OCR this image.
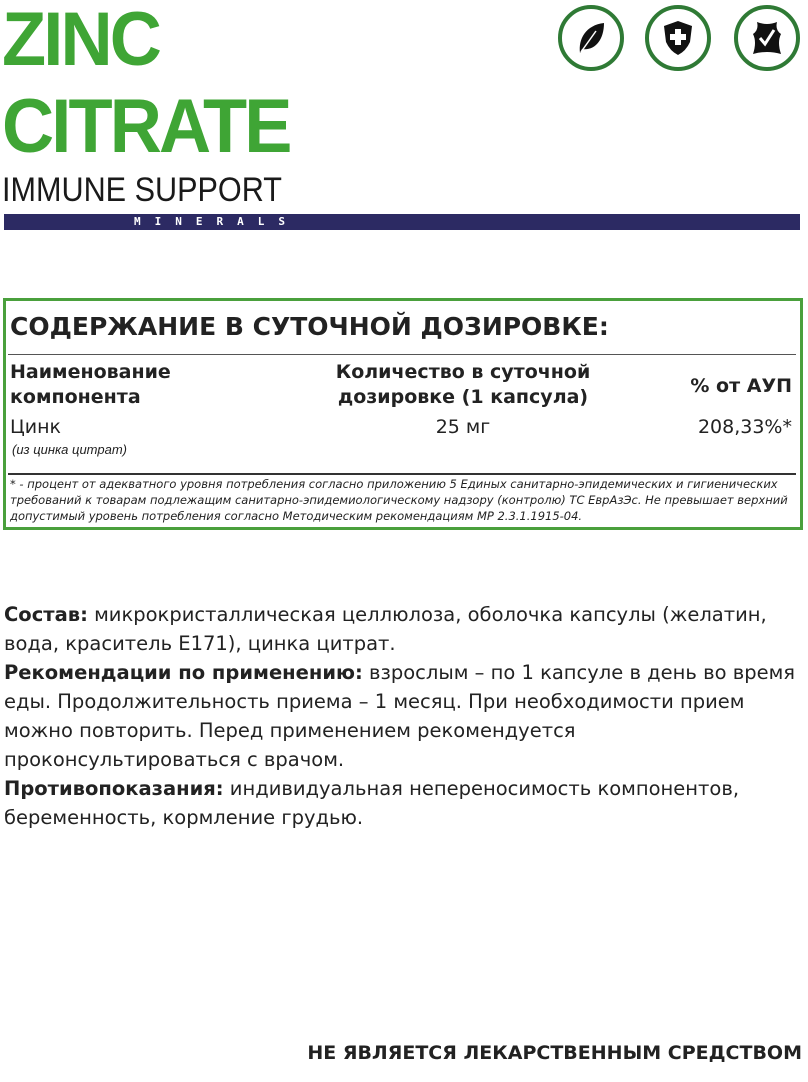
ZINC
CITRATE
IMMUNE SUPPORT
MINERALS
СОДЕРЖАНИЕ В СУТОЧНОЙ ДОЗИРОВКЕ:
Наименование компонента
Количество в суточной дозировке (1 капсула)	% от АУП
Цинк
(из цинка цитрат)
25 мг	208,33%*
* - процент от адекватного уровня потребления согласно приложению 5 Единых санитарно-эпидемических и гигиенических требований к товарам подлежащим санитарно-эпидемиологическому надзору (контролю) ТС ЕврАзЭс. Не превышает верхний допустимый уровень потребления согласно Методическим рекомендациям МР 2.3.1.1915-04.
Состав: микрокристаллическая целлюлоза, оболочка капсулы (желатин, вода, краситель Е171), цинка цитрат.
Рекомендации по применению: взрослым – по 1 капсуле в день во время еды. Продолжительность приема – 1 месяц. При необходимости прием можно повторить. Перед применением рекомендуется проконсультироваться с врачом.
Противопоказания: индивидуальная непереносимость компонентов, беременность, кормление грудью.
НЕ ЯВЛЯЕТСЯ ЛЕКАРСТВЕННЫМ СРЕДСТВОМ
